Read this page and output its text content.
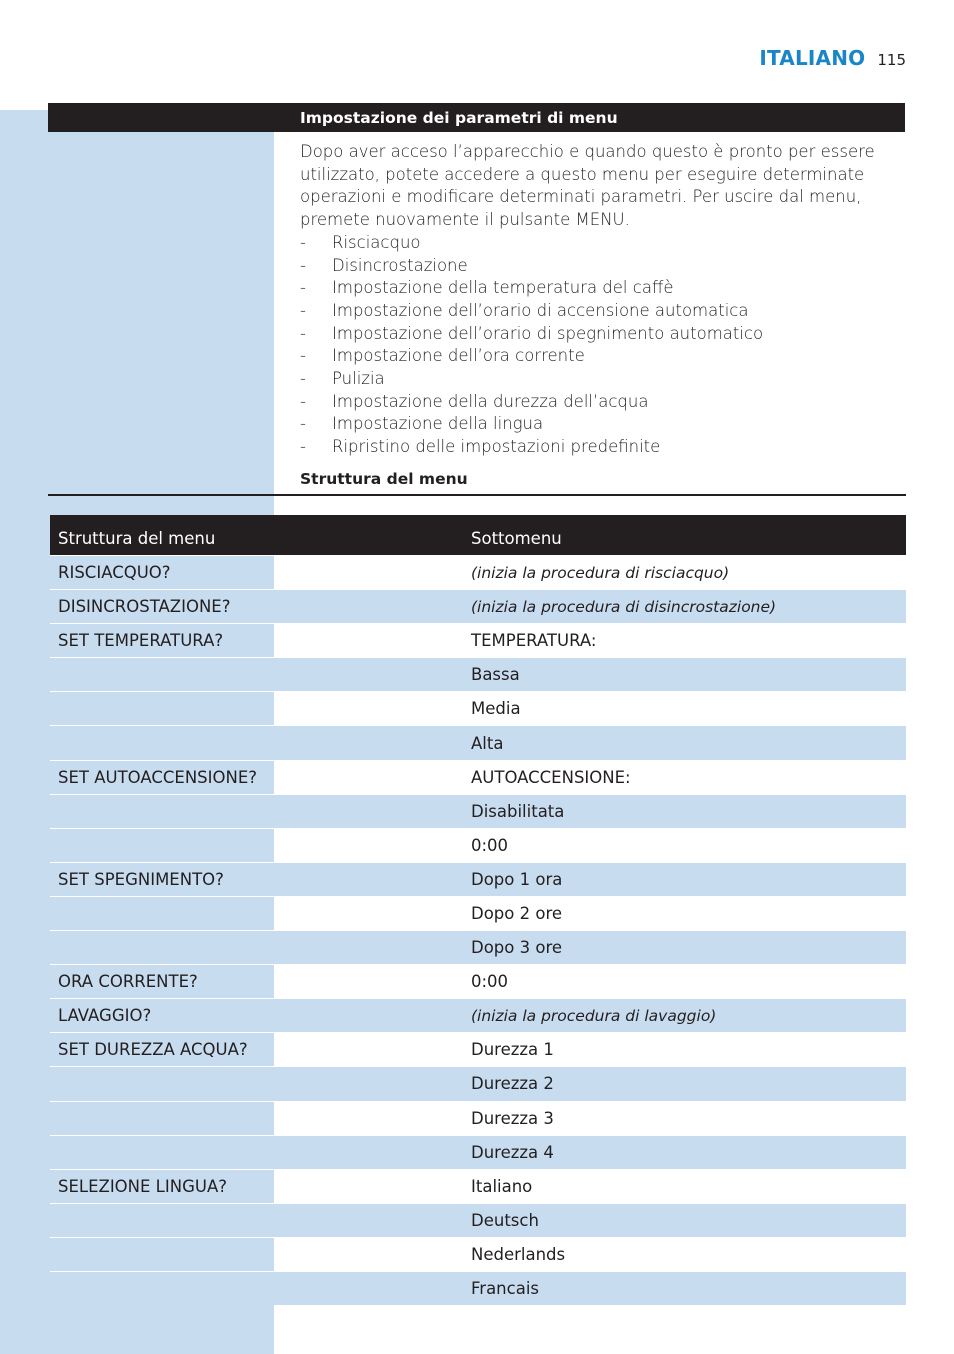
ITALIANO 115
Impostazione dei parametri di menu

Dopo aver acceso l’apparecchio e quando questo è pronto per essere utilizzato, potete accedere a questo menu per eseguire determinate operazioni e modificare determinati parametri. Per uscire dal menu, premete nuovamente il pulsante MENU.

- Risciacquo
- Disincrostazione
- Impostazione della temperatura del caffè
- Impostazione dell’orario di accensione automatica
- Impostazione dell’orario di spegnimento automatico
- Impostazione dell’ora corrente
- Pulizia
- Impostazione della durezza dell’acqua
- Impostazione della lingua
- Ripristino delle impostazioni predefinite
Struttura del menu
Struttura del menu	Sottomenu
RISCIACQUO?	(inizia la procedura di risciacquo)
DISINCROSTAZIONE?	(inizia la procedura di disincrostazione)
SET TEMPERATURA?	TEMPERATURA:
Bassa
Media
Alta
SET AUTOACCENSIONE?	AUTOACCENSIONE:
Disabilitata
0:00
SET SPEGNIMENTO?	Dopo 1 ora
Dopo 2 ore
Dopo 3 ore
ORA CORRENTE?	0:00
LAVAGGIO?	(inizia la procedura di lavaggio)
SET DUREZZA ACQUA?	Durezza 1
Durezza 2
Durezza 3
Durezza 4
SELEZIONE LINGUA?	Italiano
Deutsch
Nederlands
Francais
